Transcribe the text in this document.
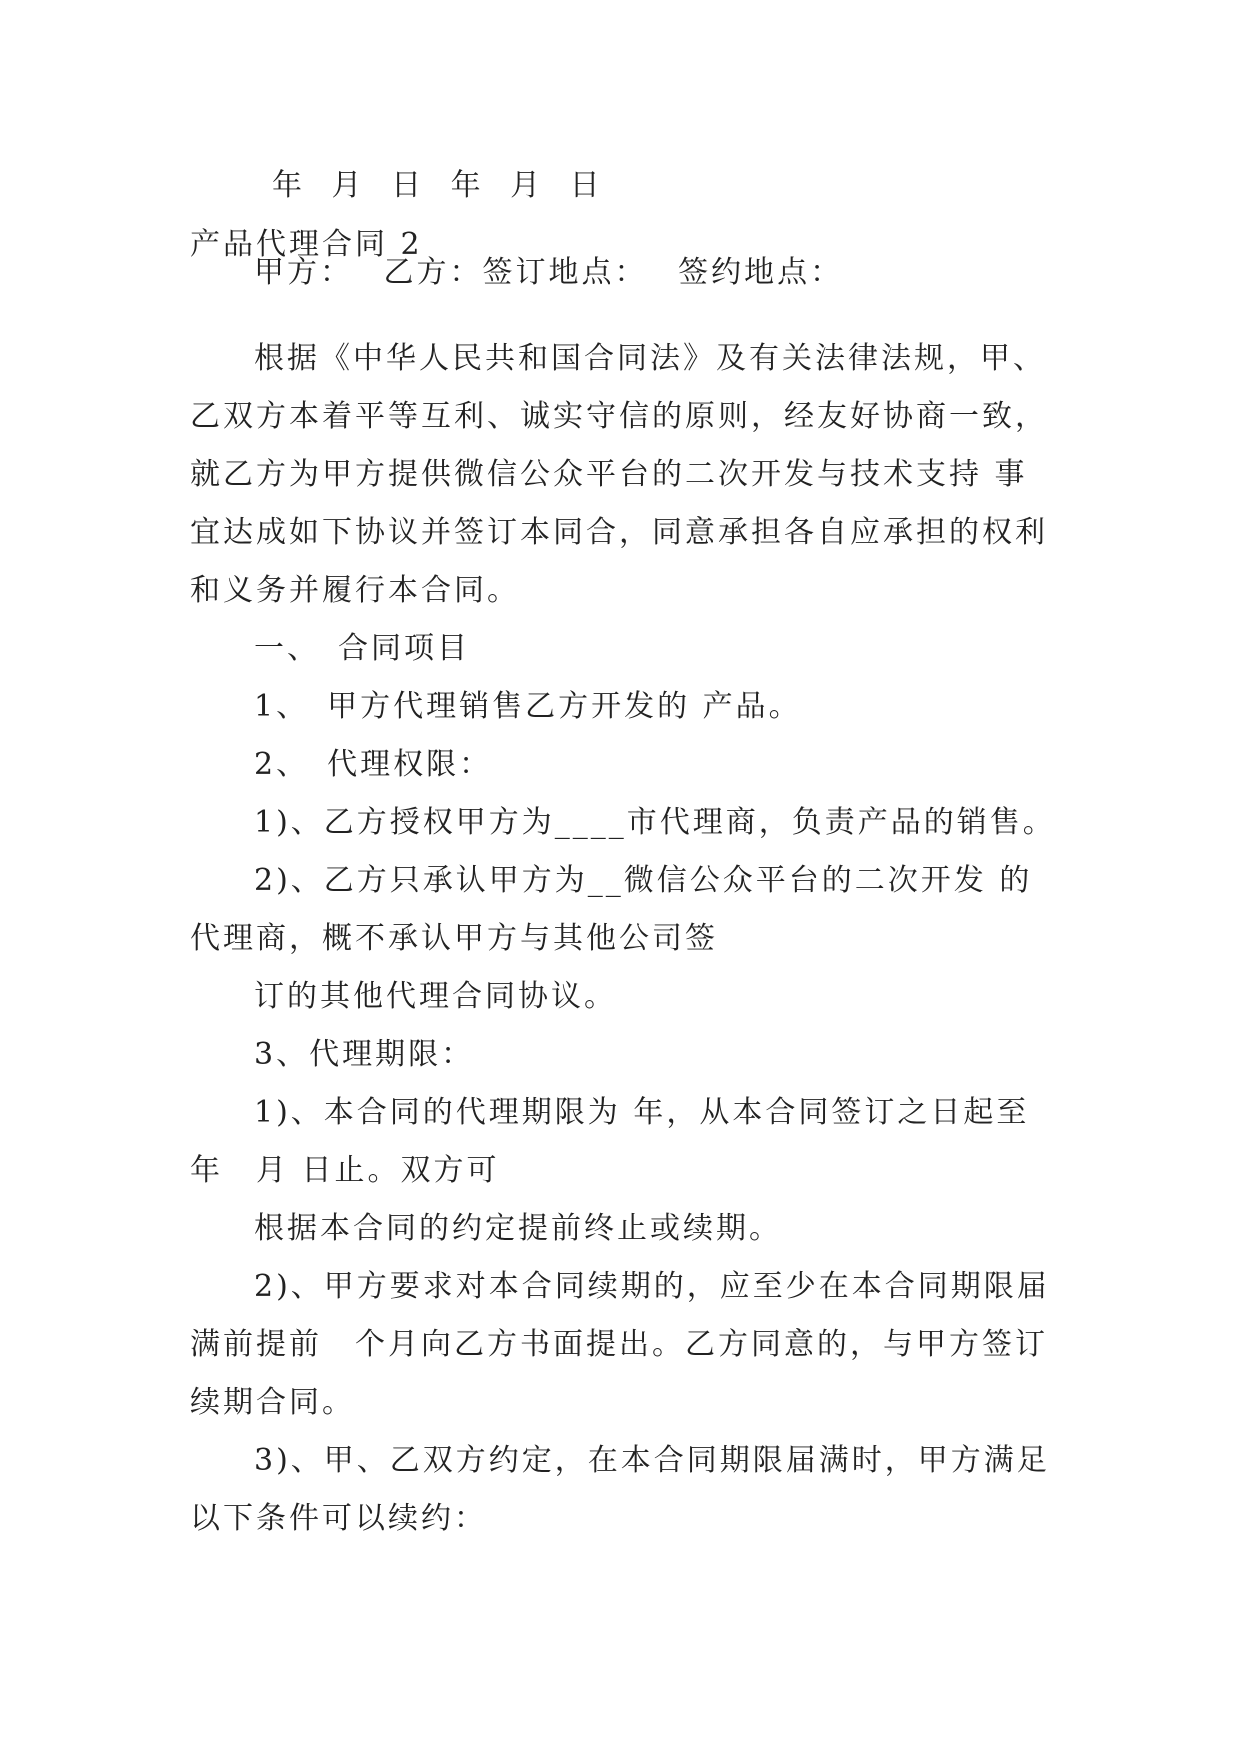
年 月 日 年 月 日
产品代理合同 2
甲方：　 乙方：签订地点：　 签约地点：
根据《中华人民共和国合同法》及有关法律法规，甲、
乙双方本着平等互利、诚实守信的原则，经友好协商一致，
就乙方为甲方提供微信公众平台的二次开发与技术支持 事
宜达成如下协议并签订本同合，同意承担各自应承担的权利
和义务并履行本合同。
一、　合同项目
1、　甲方代理销售乙方开发的 产品。
2、　代理权限：
1)、乙方授权甲方为____市代理商，负责产品的销售。
2)、乙方只承认甲方为__微信公众平台的二次开发 的
代理商，概不承认甲方与其他公司签
订的其他代理合同协议。
3、代理期限：
1)、本合同的代理期限为 年，从本合同签订之日起至
年　月 日止。双方可
根据本合同的约定提前终止或续期。
2)、甲方要求对本合同续期的，应至少在本合同期限届
满前提前　个月向乙方书面提出。乙方同意的，与甲方签订
续期合同。
3)、甲、乙双方约定，在本合同期限届满时，甲方满足
以下条件可以续约：
